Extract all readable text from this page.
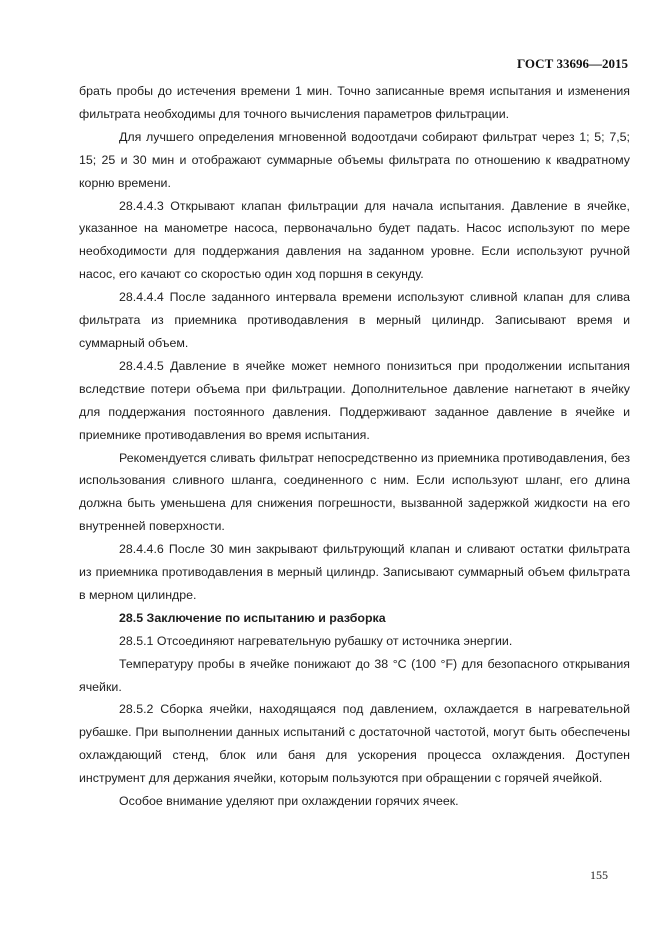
ГОСТ 33696—2015

брать пробы до истечения времени 1 мин. Точно записанные время испытания и изменения фильтрата необходимы для точного вычисления параметров фильтрации.

Для лучшего определения мгновенной водоотдачи собирают фильтрат через 1; 5; 7,5; 15; 25 и 30 мин и отображают суммарные объемы фильтрата по отношению к квадратному корню времени.

28.4.4.3 Открывают клапан фильтрации для начала испытания. Давление в ячейке, указанное на манометре насоса, первоначально будет падать. Насос используют по мере необходимости для поддержания давления на заданном уровне. Если используют ручной насос, его качают со скоростью один ход поршня в секунду.

28.4.4.4 После заданного интервала времени используют сливной клапан для слива фильтрата из приемника противодавления в мерный цилиндр. Записывают время и суммарный объем.

28.4.4.5 Давление в ячейке может немного понизиться при продолжении испытания вследствие потери объема при фильтрации. Дополнительное давление нагнетают в ячейку для поддержания постоянного давления. Поддерживают заданное давление в ячейке и приемнике противодавления во время испытания.

Рекомендуется сливать фильтрат непосредственно из приемника противодавления, без использования сливного шланга, соединенного с ним. Если используют шланг, его длина должна быть уменьшена для снижения погрешности, вызванной задержкой жидкости на его внутренней поверхности.

28.4.4.6 После 30 мин закрывают фильтрующий клапан и сливают остатки фильтрата из приемника противодавления в мерный цилиндр. Записывают суммарный объем фильтрата в мерном цилиндре.

28.5 Заключение по испытанию и разборка

28.5.1 Отсоединяют нагревательную рубашку от источника энергии.

Температуру пробы в ячейке понижают до 38 °С (100 °F) для безопасного открывания ячейки.

28.5.2 Сборка ячейки, находящаяся под давлением, охлаждается в нагревательной рубашке. При выполнении данных испытаний с достаточной частотой, могут быть обеспечены охлаждающий стенд, блок или баня для ускорения процесса охлаждения. Доступен инструмент для держания ячейки, которым пользуются при обращении с горячей ячейкой.

Особое внимание уделяют при охлаждении горячих ячеек.

155
